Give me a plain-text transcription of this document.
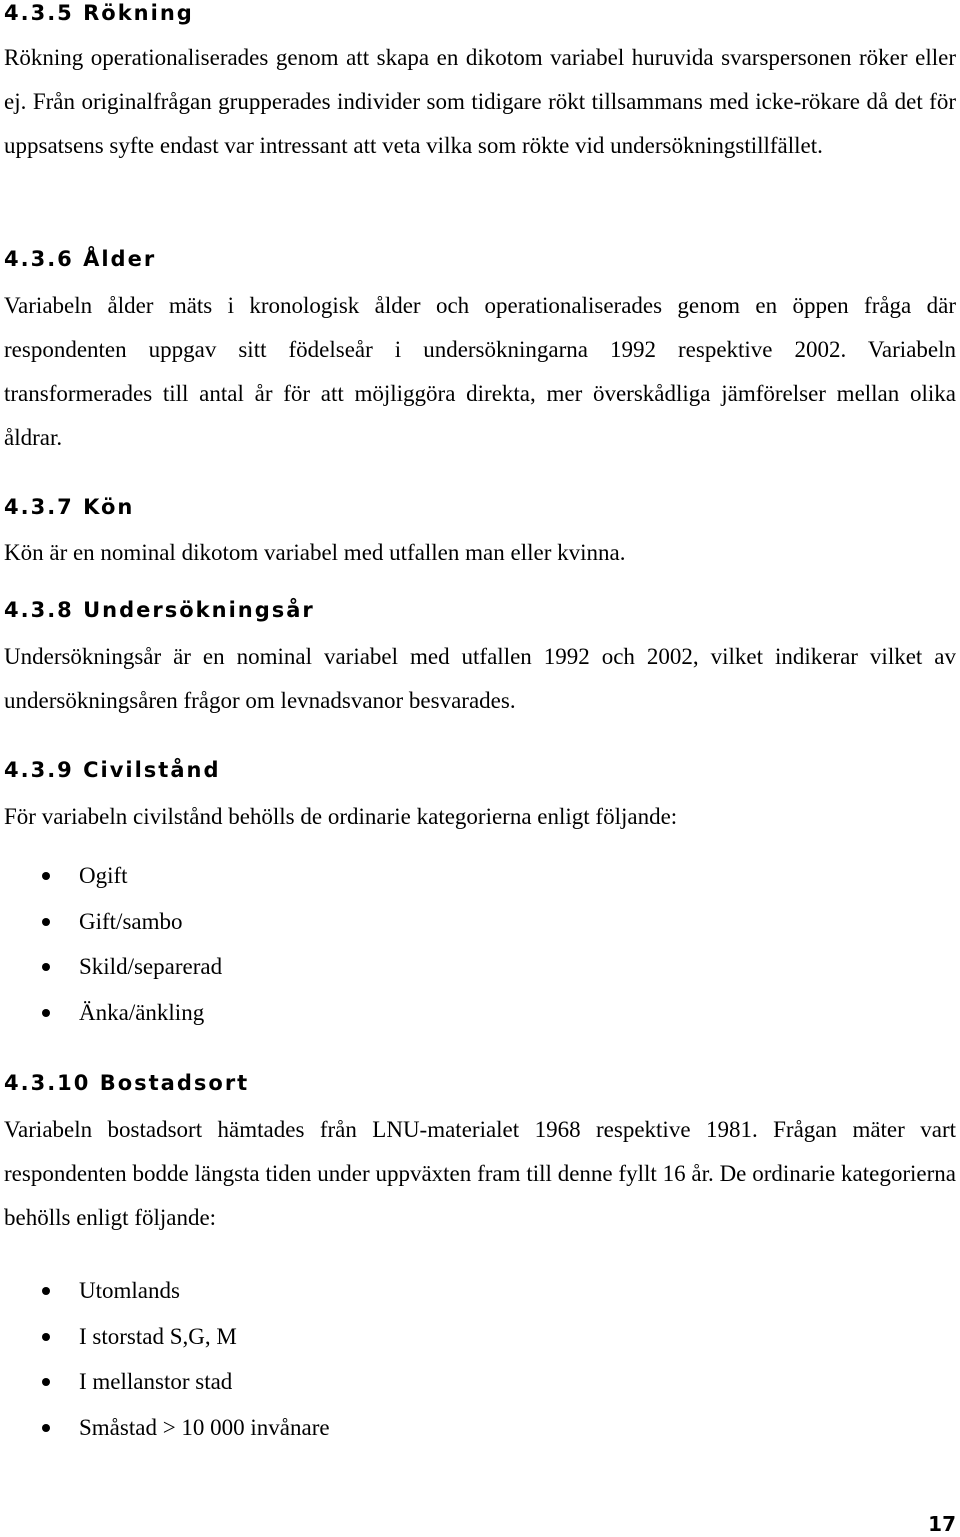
4.3.5 Rökning

Rökning operationaliserades genom att skapa en dikotom variabel huruvida svarspersonen röker eller ej. Från originalfrågan grupperades individer som tidigare rökt tillsammans med icke-rökare då det för uppsatsens syfte endast var intressant att veta vilka som rökte vid undersökningstillfället.

4.3.6 Ålder

Variabeln ålder mäts i kronologisk ålder och operationaliserades genom en öppen fråga där respondenten uppgav sitt födelseår i undersökningarna 1992 respektive 2002. Variabeln transformerades till antal år för att möjliggöra direkta, mer överskådliga jämförelser mellan olika åldrar.

4.3.7 Kön

Kön är en nominal dikotom variabel med utfallen man eller kvinna.

4.3.8 Undersökningsår

Undersökningsår är en nominal variabel med utfallen 1992 och 2002, vilket indikerar vilket av undersökningsåren frågor om levnadsvanor besvarades.

4.3.9 Civilstånd

För variabeln civilstånd behölls de ordinarie kategorierna enligt följande:

Ogift
Gift/sambo
Skild/separerad
Änka/änkling
4.3.10 Bostadsort

Variabeln bostadsort hämtades från LNU-materialet 1968 respektive 1981. Frågan mäter vart respondenten bodde längsta tiden under uppväxten fram till denne fyllt 16 år. De ordinarie kategorierna behölls enligt följande:

Utomlands
I storstad S,G, M
I mellanstor stad
Småstad > 10 000 invånare

17
